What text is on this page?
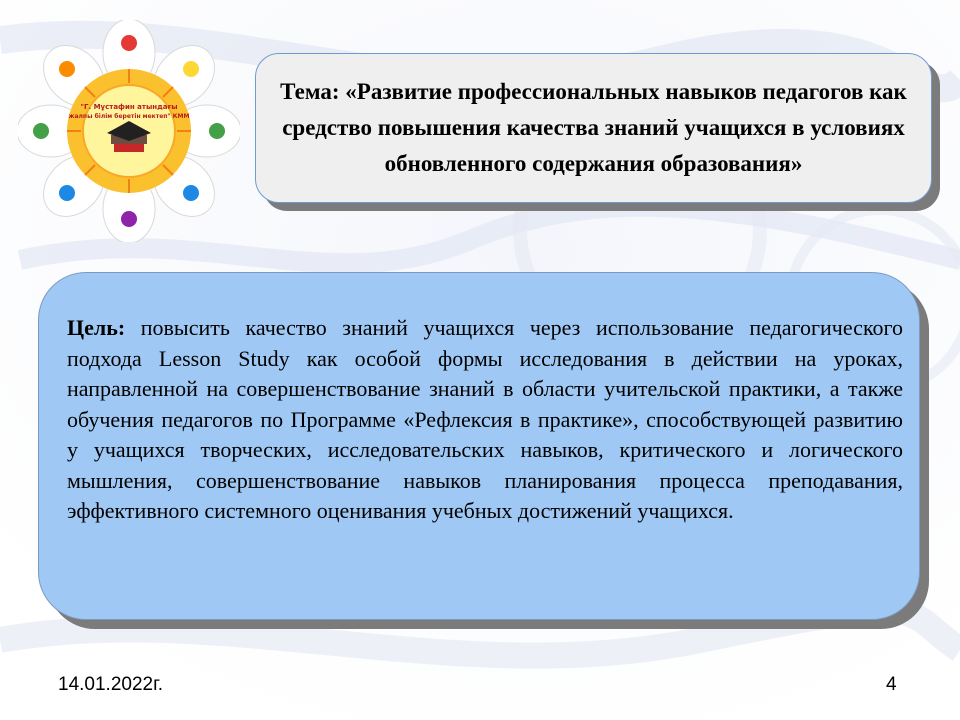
"Г. Мұстафин атындағы
жалпы білім беретін мектеп" КММ
Тема: «Развитие профессиональных навыков педагогов как средство повышения качества знаний учащихся в условиях обновленного содержания образования»
Цель: повысить качество знаний учащихся через использование педагогического подхода Lesson Study как особой формы исследования в действии на уроках, направленной на совершенствование знаний в области учительской практики, а также обучения педагогов по Программе «Рефлексия в практике», способствующей развитию у учащихся творческих, исследовательских навыков, критического и логического мышления, совершенствование навыков планирования процесса преподавания, эффективного системного оценивания учебных достижений учащихся.
14.01.2022г.	4
